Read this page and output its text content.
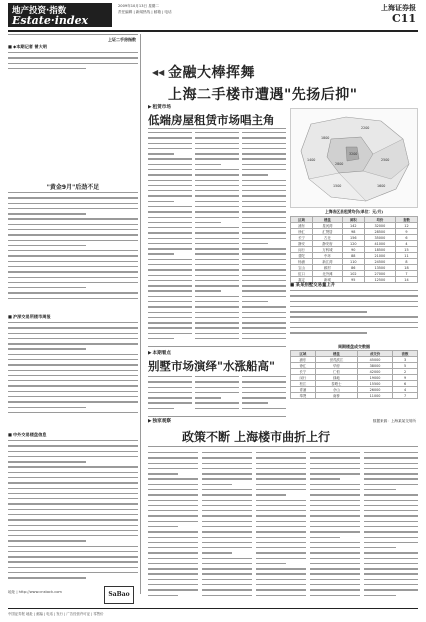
地产投资·指数
Estate·index
2009年10月13日 星期二
责任编辑 | 新闻热线 | 邮箱 | 电话	上海证券报
C11
上证二手房指数
■ ◆本期记者 曾大明
"黄金9月"后劲不足
■ 沪深交易所楼市周报
■ 中外交易楼盘信息
地址 | http://www.cnstock.com	SaBao
◀◀ 金融大棒挥舞
上海二手楼市遭遇"先扬后抑"
▶ 租赁市场
低端房屋租赁市场唱主角
3200
2800
2500
1800
2200
1500	1600
1400
上海各区县租赁均价(单位：元/月)
区域	楼盘	面积	均价	套数
浦东	星河湾	142	32000	12
徐汇	汇贤居	98	28500	9
长宁	古北	156	35000	6
静安	静安府	120	41000	4
闵行	万科城	90	18500	15
普陀	中环	88	21000	11
杨浦	新江湾	110	24500	8
宝山	顾村	86	13500	18
虹口	北外滩	102	27000	7
嘉定	新城	95	12500	14
■ 某某别墅交易量上升
▶ 本期看点
别墅市场演绎"水涨船高"
周期楼盘成交数据
区域	楼盘	成交价	套数
浦东	世茂滨江	45000	3
徐汇	华府	38000	5
长宁	仁恒	42000	2
闵行	绿地	19000	9
松江	泰晤士	15500	6
青浦	佘山	26000	4
奉贤	南桥	11000	7
数据来源：上海某某交易所
▶ 独家观察
政策不断 上海楼市曲折上行
中国证券报 地址 | 邮编 | 电话 | 发行 | 广告经营许可证 | 零售价
